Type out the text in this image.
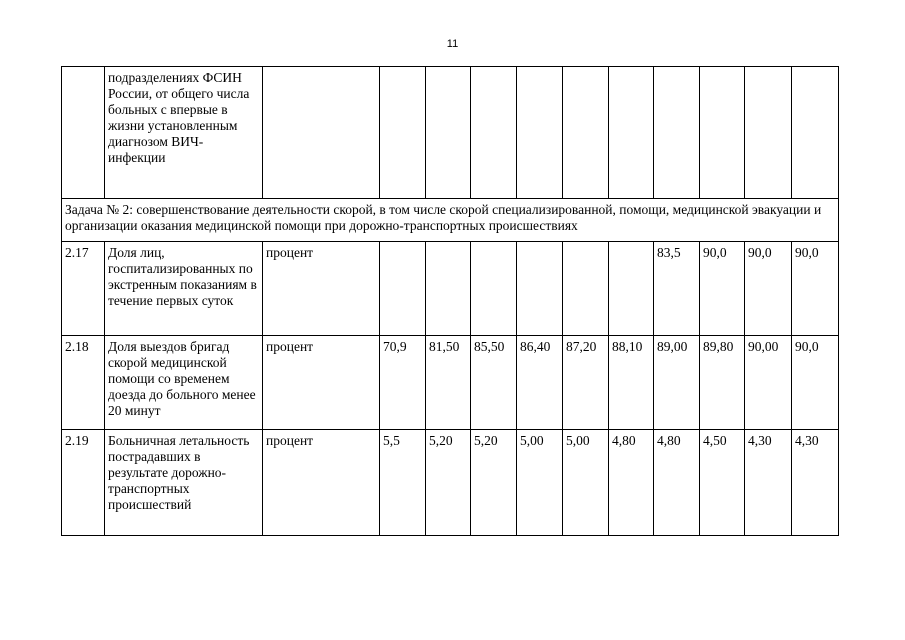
11
	подразделениях ФСИН России, от общего числа больных с впервые в жизни установленным диагнозом ВИЧ-инфекции											
Задача № 2: совершенствование деятельности скорой, в том числе скорой специализированной, помощи, медицинской эвакуации и организации оказания медицинской помощи при дорожно-транспортных происшествиях												
2.17	Доля лиц, госпитализированных по экстренным показаниям в течение первых суток	процент							83,5	90,0	90,0	90,0
2.18	Доля выездов бригад скорой медицинской помощи со временем доезда до больного менее 20 минут	процент	70,9	81,50	85,50	86,40	87,20	88,10	89,00	89,80	90,00	90,0
2.19	Больничная летальность пострадавших в результате дорожно-транспортных происшествий	процент	5,5	5,20	5,20	5,00	5,00	4,80	4,80	4,50	4,30	4,30
